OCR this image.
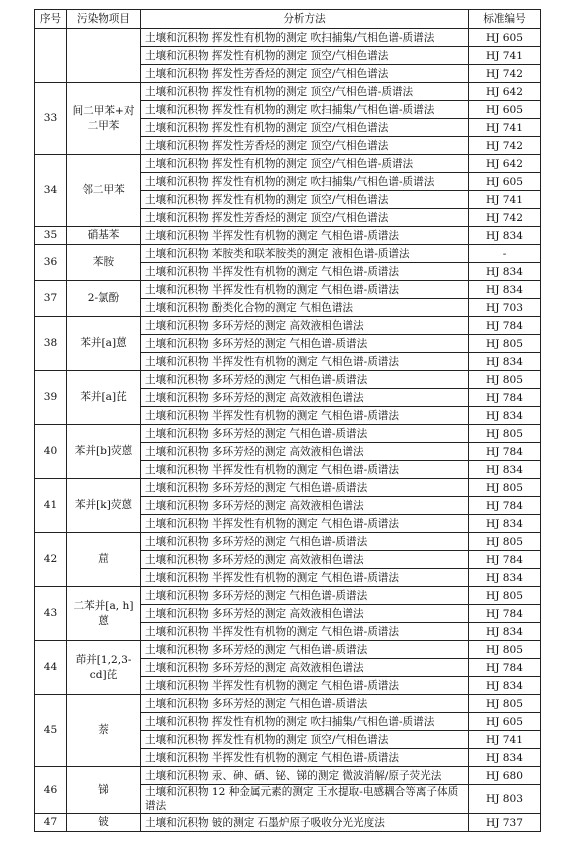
序号	污染物项目	分析方法	标准编号
		土壤和沉积物 挥发性有机物的测定 吹扫捕集/气相色谱-质谱法	HJ 605
		土壤和沉积物 挥发性有机物的测定 顶空/气相色谱法	HJ 741
		土壤和沉积物 挥发性芳香烃的测定 顶空/气相色谱法	HJ 742
33	间二甲苯+对二甲苯	土壤和沉积物 挥发性有机物的测定 顶空/气相色谱-质谱法	HJ 642
		土壤和沉积物 挥发性有机物的测定 吹扫捕集/气相色谱-质谱法	HJ 605
		土壤和沉积物 挥发性有机物的测定 顶空/气相色谱法	HJ 741
		土壤和沉积物 挥发性芳香烃的测定 顶空/气相色谱法	HJ 742
34	邻二甲苯	土壤和沉积物 挥发性有机物的测定 顶空/气相色谱-质谱法	HJ 642
		土壤和沉积物 挥发性有机物的测定 吹扫捕集/气相色谱-质谱法	HJ 605
		土壤和沉积物 挥发性有机物的测定 顶空/气相色谱法	HJ 741
		土壤和沉积物 挥发性芳香烃的测定 顶空/气相色谱法	HJ 742
35	硝基苯	土壤和沉积物 半挥发性有机物的测定 气相色谱-质谱法	HJ 834
36	苯胺	土壤和沉积物 苯胺类和联苯胺类的测定 液相色谱-质谱法	-
		土壤和沉积物 半挥发性有机物的测定 气相色谱-质谱法	HJ 834
37	2-氯酚	土壤和沉积物 半挥发性有机物的测定 气相色谱-质谱法	HJ 834
		土壤和沉积物 酚类化合物的测定 气相色谱法	HJ 703
38	苯并[a]蒽	土壤和沉积物 多环芳烃的测定 高效液相色谱法	HJ 784
		土壤和沉积物 多环芳烃的测定 气相色谱-质谱法	HJ 805
		土壤和沉积物 半挥发性有机物的测定 气相色谱-质谱法	HJ 834
39	苯并[a]芘	土壤和沉积物 多环芳烃的测定 气相色谱-质谱法	HJ 805
		土壤和沉积物 多环芳烃的测定 高效液相色谱法	HJ 784
		土壤和沉积物 半挥发性有机物的测定 气相色谱-质谱法	HJ 834
40	苯并[b]荧蒽	土壤和沉积物 多环芳烃的测定 气相色谱-质谱法	HJ 805
		土壤和沉积物 多环芳烃的测定 高效液相色谱法	HJ 784
		土壤和沉积物 半挥发性有机物的测定 气相色谱-质谱法	HJ 834
41	苯并[k]荧蒽	土壤和沉积物 多环芳烃的测定 气相色谱-质谱法	HJ 805
		土壤和沉积物 多环芳烃的测定 高效液相色谱法	HJ 784
		土壤和沉积物 半挥发性有机物的测定 气相色谱-质谱法	HJ 834
42	䓛	土壤和沉积物 多环芳烃的测定 气相色谱-质谱法	HJ 805
		土壤和沉积物 多环芳烃的测定 高效液相色谱法	HJ 784
		土壤和沉积物 半挥发性有机物的测定 气相色谱-质谱法	HJ 834
43	二苯并[a, h]蒽	土壤和沉积物 多环芳烃的测定 气相色谱-质谱法	HJ 805
		土壤和沉积物 多环芳烃的测定 高效液相色谱法	HJ 784
		土壤和沉积物 半挥发性有机物的测定 气相色谱-质谱法	HJ 834
44	茚并[1,2,3-cd]芘	土壤和沉积物 多环芳烃的测定 气相色谱-质谱法	HJ 805
		土壤和沉积物 多环芳烃的测定 高效液相色谱法	HJ 784
		土壤和沉积物 半挥发性有机物的测定 气相色谱-质谱法	HJ 834
45	萘	土壤和沉积物 多环芳烃的测定 气相色谱-质谱法	HJ 805
		土壤和沉积物 挥发性有机物的测定 吹扫捕集/气相色谱-质谱法	HJ 605
		土壤和沉积物 挥发性有机物的测定 顶空/气相色谱法	HJ 741
		土壤和沉积物 半挥发性有机物的测定 气相色谱-质谱法	HJ 834
46	锑	土壤和沉积物 汞、砷、硒、铋、锑的测定 微波消解/原子荧光法	HJ 680
		土壤和沉积物 12 种金属元素的测定 王水提取-电感耦合等离子体质谱法	HJ 803
47	铍	土壤和沉积物 铍的测定 石墨炉原子吸收分光光度法	HJ 737
